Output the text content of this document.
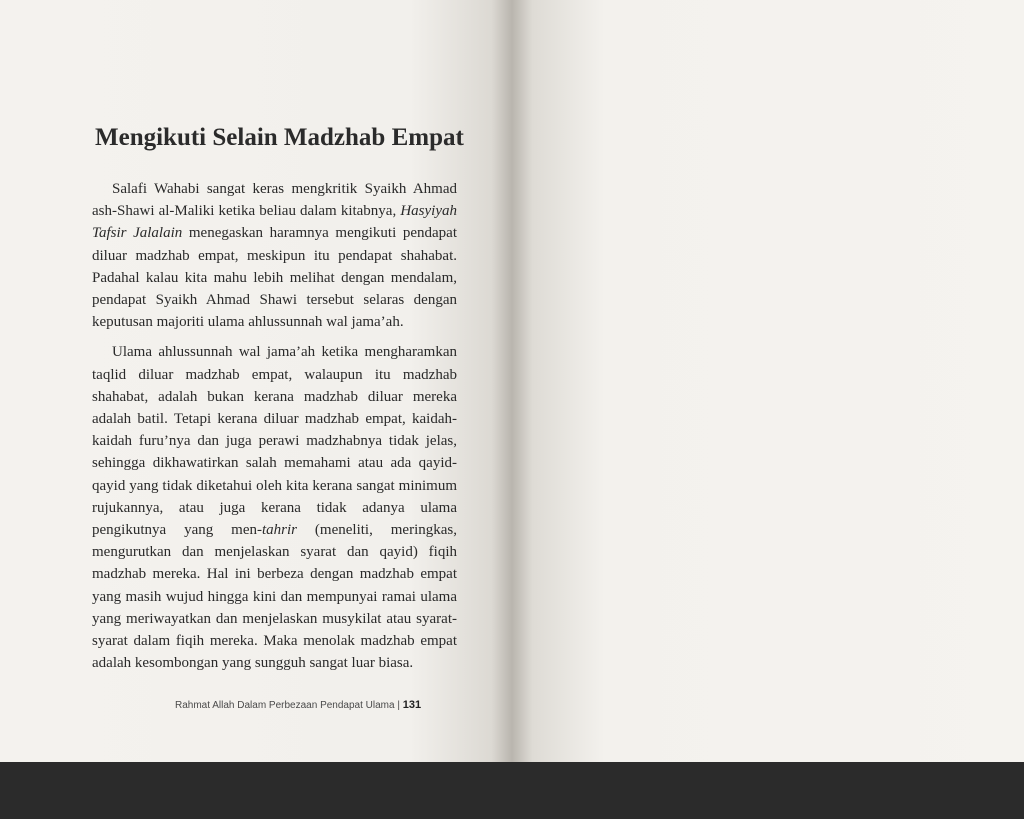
Mengikuti Selain Madzhab Empat

Salafi Wahabi sangat keras mengkritik Syaikh Ahmad ash-Shawi al-Maliki ketika beliau dalam kitabnya, Hasyiyah Tafsir Jalalain menegaskan haramnya mengikuti pendapat diluar madzhab empat, meskipun itu pendapat shahabat. Padahal kalau kita mahu lebih melihat dengan mendalam, pendapat Syaikh Ahmad Shawi tersebut selaras dengan keputusan majoriti ulama ahlussunnah wal jama’ah.

Ulama ahlussunnah wal jama’ah ketika mengharamkan taqlid diluar madzhab empat, walaupun itu madzhab shahabat, adalah bukan kerana madzhab diluar mereka adalah batil. Tetapi kerana diluar madzhab empat, kaidah-kaidah furu’nya dan juga perawi madzhabnya tidak jelas, sehingga dikhawatirkan salah memahami atau ada qayid-qayid yang tidak diketahui oleh kita kerana sangat minimum rujukannya, atau juga kerana tidak adanya ulama pengikutnya yang men-tahrir (meneliti, meringkas, mengurutkan dan menjelaskan syarat dan qayid) fiqih madzhab mereka. Hal ini berbeza dengan madzhab empat yang masih wujud hingga kini dan mempunyai ramai ulama yang meriwayatkan dan menjelaskan musykilat atau syarat-syarat dalam fiqih mereka. Maka menolak madzhab empat adalah kesombongan yang sungguh sangat luar biasa.

Rahmat Allah Dalam Perbezaan Pendapat Ulama | 131
